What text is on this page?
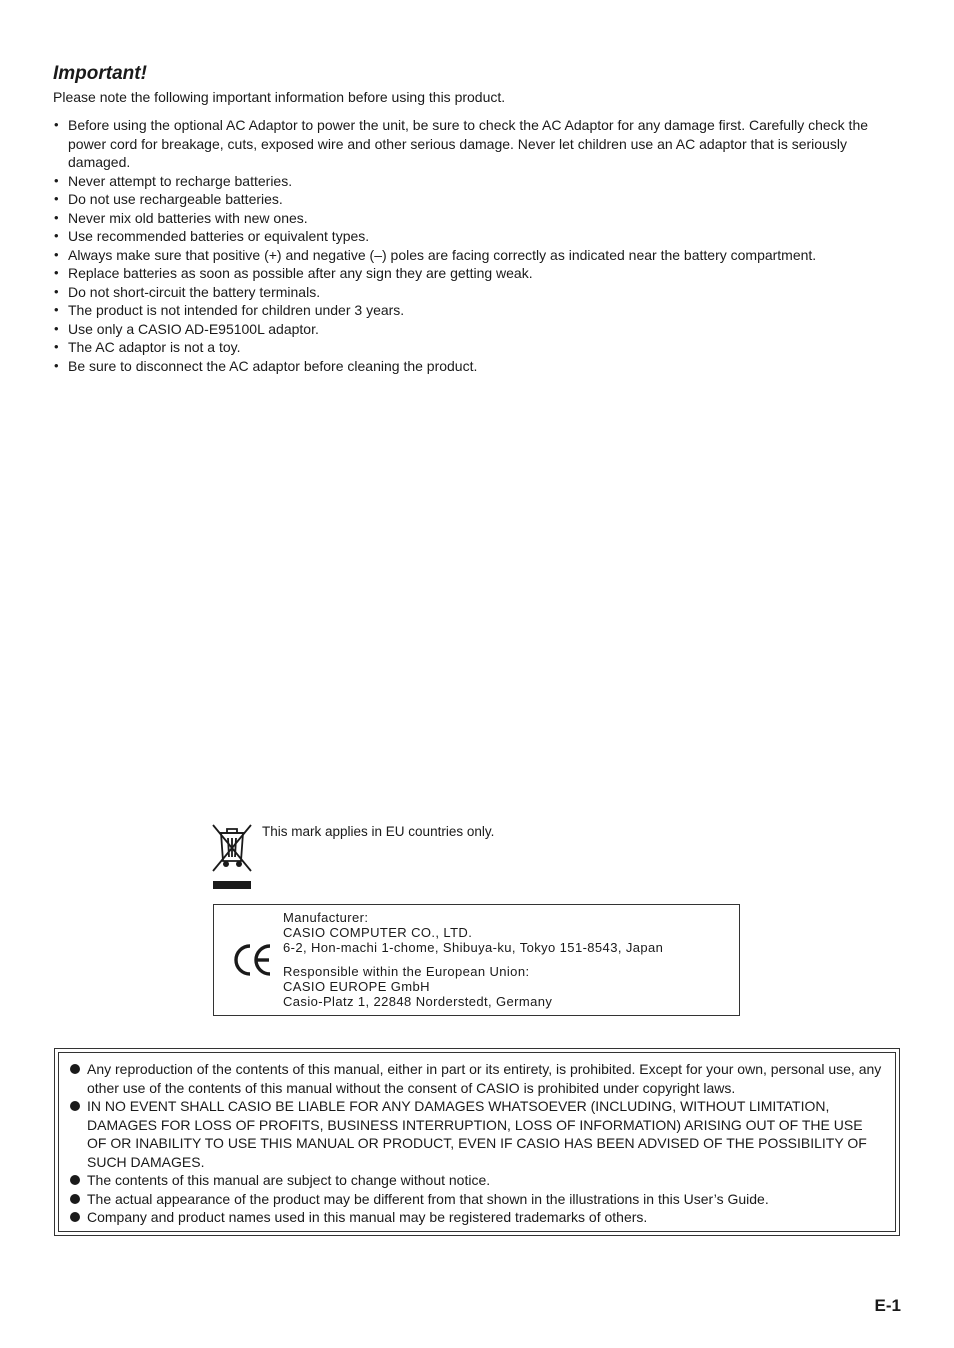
Important!

Please note the following important information before using this product.

• Before using the optional AC Adaptor to power the unit, be sure to check the AC Adaptor for any damage first. Carefully check the power cord for breakage, cuts, exposed wire and other serious damage. Never let children use an AC adaptor that is seriously damaged.
• Never attempt to recharge batteries.
• Do not use rechargeable batteries.
• Never mix old batteries with new ones.
• Use recommended batteries or equivalent types.
• Always make sure that positive (+) and negative (–) poles are facing correctly as indicated near the battery compartment.
• Replace batteries as soon as possible after any sign they are getting weak.
• Do not short-circuit the battery terminals.
• The product is not intended for children under 3 years.
• Use only a CASIO AD-E95100L adaptor.
• The AC adaptor is not a toy.
• Be sure to disconnect the AC adaptor before cleaning the product.
This mark applies in EU countries only.
Manufacturer:
CASIO COMPUTER CO., LTD.
6-2, Hon-machi 1-chome, Shibuya-ku, Tokyo 151-8543, Japan
Responsible within the European Union:
CASIO EUROPE GmbH
Casio-Platz 1, 22848 Norderstedt, Germany
Any reproduction of the contents of this manual, either in part or its entirety, is prohibited. Except for your own, personal use, any other use of the contents of this manual without the consent of CASIO is prohibited under copyright laws.
IN NO EVENT SHALL CASIO BE LIABLE FOR ANY DAMAGES WHATSOEVER (INCLUDING, WITHOUT LIMITATION, DAMAGES FOR LOSS OF PROFITS, BUSINESS INTERRUPTION, LOSS OF INFORMATION) ARISING OUT OF THE USE OF OR INABILITY TO USE THIS MANUAL OR PRODUCT, EVEN IF CASIO HAS BEEN ADVISED OF THE POSSIBILITY OF SUCH DAMAGES.
The contents of this manual are subject to change without notice.
The actual appearance of the product may be different from that shown in the illustrations in this User’s Guide.
Company and product names used in this manual may be registered trademarks of others.
E-1
